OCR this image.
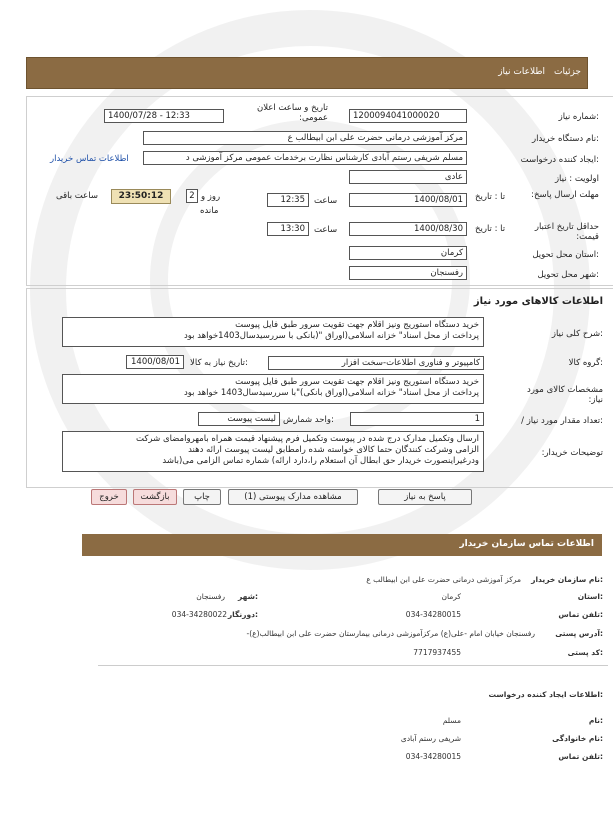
جزئیات
اطلاعات نیاز
شماره نیاز:
1200094041000020
تاریخ و ساعت اعلان عمومی:
1400/07/28 - 12:33
نام دستگاه خریدار:
مرکز آموزشی درمانی حضرت علی ابن ابیطالب ع
ایجاد کننده درخواست:
مسلم شریفی رستم آبادی کارشناس نظارت برخدمات عمومی مرکز آموزشی د
اطلاعات تماس خریدار
اولویت : نیاز
عادی
مهلت ارسال پاسخ:
تا : تاریخ
1400/08/01
ساعت
12:35
2 روز و
23:50:12
ساعت باقی
مانده
حداقل تاریخ اعتبار قیمت:
تا : تاریخ
1400/08/30
ساعت
13:30
استان محل تحویل:
کرمان
شهر محل تحویل:
رفسنجان
اطلاعات کالاهای مورد نیاز
شرح کلی نیاز:
خرید دستگاه استوریج ونیز اقلام جهت تقویت سرور طبق فایل پیوست
پرداخت از محل اسناد" خزانه اسلامی(اوراق "(بانکی با سررسیدسال1403خواهد بود
گروه کالا:
کامپیوتر و فناوری اطلاعات-سخت افزار
تاریخ نیاز به کالا:
1400/08/01
مشخصات کالای مورد نیاز:
خرید دستگاه استوریج ونیز اقلام جهت تقویت سرور طبق فایل پیوست
پرداخت از محل اسناد" خزانه اسلامی(اوراق بانکی)"با سررسیدسال1403 خواهد بود
/ تعداد مقدار مورد نیاز:
1
واحد شمارش:
لیست پیوست
توضیحات خریدار:
ارسال وتکمیل مدارک درج شده در پیوست وتکمیل فرم پیشنهاد قیمت همراه بامهروامضای شرکت
الزامی وشرکت کنندگان حتما کالای خواسته شده رامطابق لیست پیوست ارائه دهند
ودرغیراینصورت خریدار حق ابطال آن استعلام را،دارد ارائه) شماره تماس الزامی می(باشد
پاسخ به نیاز
مشاهده مدارک پیوستی (1)
چاپ
بازگشت
خروج
اطلاعات تماس سازمان خریدار
نام سازمان خریدار:
مرکز آموزشی درمانی حضرت علی ابن ابیطالب ع
استان:
کرمان
شهر:
رفسنجان
تلفن تماس:
034-34280015
دورنگار:
034-34280022
آدرس پستی:
-رفسنجان خیابان امام -علی(ع) مرکزآموزشی درمانی بیمارستان حضرت علی ابن ابیطالب(ع)
کد پستی:
7717937455
اطلاعات ایجاد کننده درخواست:
نام:
مسلم
نام خانوادگی:
شریفی رستم آبادی
تلفن تماس:
034-34280015
